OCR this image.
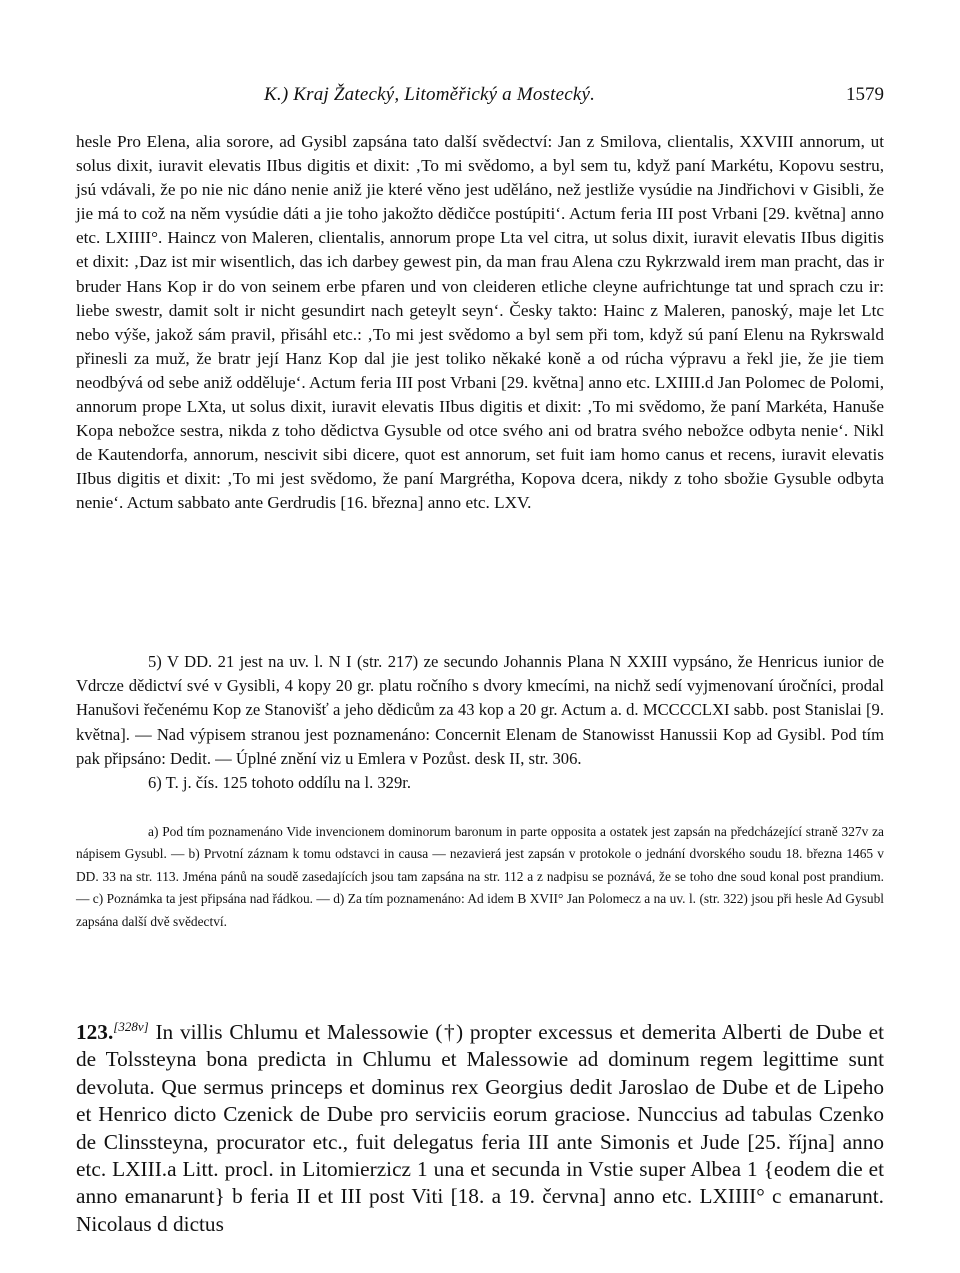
K.) Kraj Žatecký, Litoměřický a Mostecký.	1579

hesle Pro Elena, alia sorore, ad Gysibl zapsána tato další svědectví: Jan z Smilova, clientalis, XXVIII annorum, ut solus dixit, iuravit elevatis IIbus digitis et dixit: ‚To mi svědomo, a byl sem tu, když paní Markétu, Kopovu sestru, jsú vdávali, že po nie nic dáno nenie aniž jie které věno jest uděláno, než jestliže vysúdie na Jindřichovi v Gisibli, že jie má to což na něm vysúdie dáti a jie toho jakožto dědičce postúpiti‘. Actum feria III post Vrbani [29. května] anno etc. LXIIII°. Haincz von Maleren, clientalis, annorum prope Lta vel citra, ut solus dixit, iuravit elevatis IIbus digitis et dixit: ‚Daz ist mir wisentlich, das ich darbey gewest pin, da man frau Alena czu Rykrzwald irem man pracht, das ir bruder Hans Kop ir do von seinem erbe pfaren und von cleideren etliche cleyne aufrichtunge tat und sprach czu ir: liebe swestr, damit solt ir nicht gesundirt nach geteylt seyn‘. Česky takto: Hainc z Maleren, panoský, maje let Ltc nebo výše, jakož sám pravil, přisáhl etc.: ‚To mi jest svědomo a byl sem při tom, když sú paní Elenu na Rykrswald přinesli za muž, že bratr její Hanz Kop dal jie jest toliko někaké koně a od rúcha výpravu a řekl jie, že jie tiem neodbývá od sebe aniž odděluje‘. Actum feria III post Vrbani [29. května] anno etc. LXIIII.d Jan Polomec de Polomi, annorum prope LXta, ut solus dixit, iuravit elevatis IIbus digitis et dixit: ‚To mi svědomo, že paní Markéta, Hanuše Kopa nebožce sestra, nikda z toho dědictva Gysuble od otce svého ani od bratra svého nebožce odbyta nenie‘. Nikl de Kautendorfa, annorum, nescivit sibi dicere, quot est annorum, set fuit iam homo canus et recens, iuravit elevatis IIbus digitis et dixit: ‚To mi jest svědomo, že paní Margrétha, Kopova dcera, nikdy z toho sbožie Gysuble odbyta nenie‘. Actum sabbato ante Gerdrudis [16. března] anno etc. LXV.

5) V DD. 21 jest na uv. l. N I (str. 217) ze secundo Johannis Plana N XXIII vypsáno, že Henricus iunior de Vdrcze dědictví své v Gysibli, 4 kopy 20 gr. platu ročního s dvory kmecími, na nichž sedí vyjmenovaní úročníci, prodal Hanušovi řečenému Kop ze Stanovišť a jeho dědicům za 43 kop a 20 gr. Actum a. d. MCCCCLXI sabb. post Stanislai [9. května]. — Nad výpisem stranou jest poznamenáno: Concernit Elenam de Stanowisst Hanussii Kop ad Gysibl. Pod tím pak připsáno: Dedit. — Úplné znění viz u Emlera v Pozůst. desk II, str. 306.

6) T. j. čís. 125 tohoto oddílu na l. 329r.

a) Pod tím poznamenáno Vide invencionem dominorum baronum in parte opposita a ostatek jest zapsán na předcházející straně 327v za nápisem Gysubl. — b) Prvotní záznam k tomu odstavci in causa — nezavierá jest zapsán v protokole o jednání dvorského soudu 18. března 1465 v DD. 33 na str. 113. Jména pánů na soudě zasedajících jsou tam zapsána na str. 112 a z nadpisu se poznává, že se toho dne soud konal post prandium. — c) Poznámka ta jest připsána nad řádkou. — d) Za tím poznamenáno: Ad idem B XVII° Jan Polomecz a na uv. l. (str. 322) jsou při hesle Ad Gysubl zapsána další dvě svědectví.

123.[328v] In villis Chlumu et Malessowie (†) propter excessus et demerita Alberti de Dube et de Tolssteyna bona predicta in Chlumu et Malessowie ad dominum regem legittime sunt devoluta. Que sermus princeps et dominus rex Georgius dedit Jaroslao de Dube et de Lipeho et Henrico dicto Czenick de Dube pro serviciis eorum graciose. Nunccius ad tabulas Czenko de Clinssteyna, procurator etc., fuit delegatus feria III ante Simonis et Jude [25. října] anno etc. LXIII.a Litt. procl. in Litomierzicz 1 una et secunda in Vstie super Albea 1 {eodem die et anno emanarunt} b feria II et III post Viti [18. a 19. června] anno etc. LXIIII° c emanarunt. Nicolaus d dictus
